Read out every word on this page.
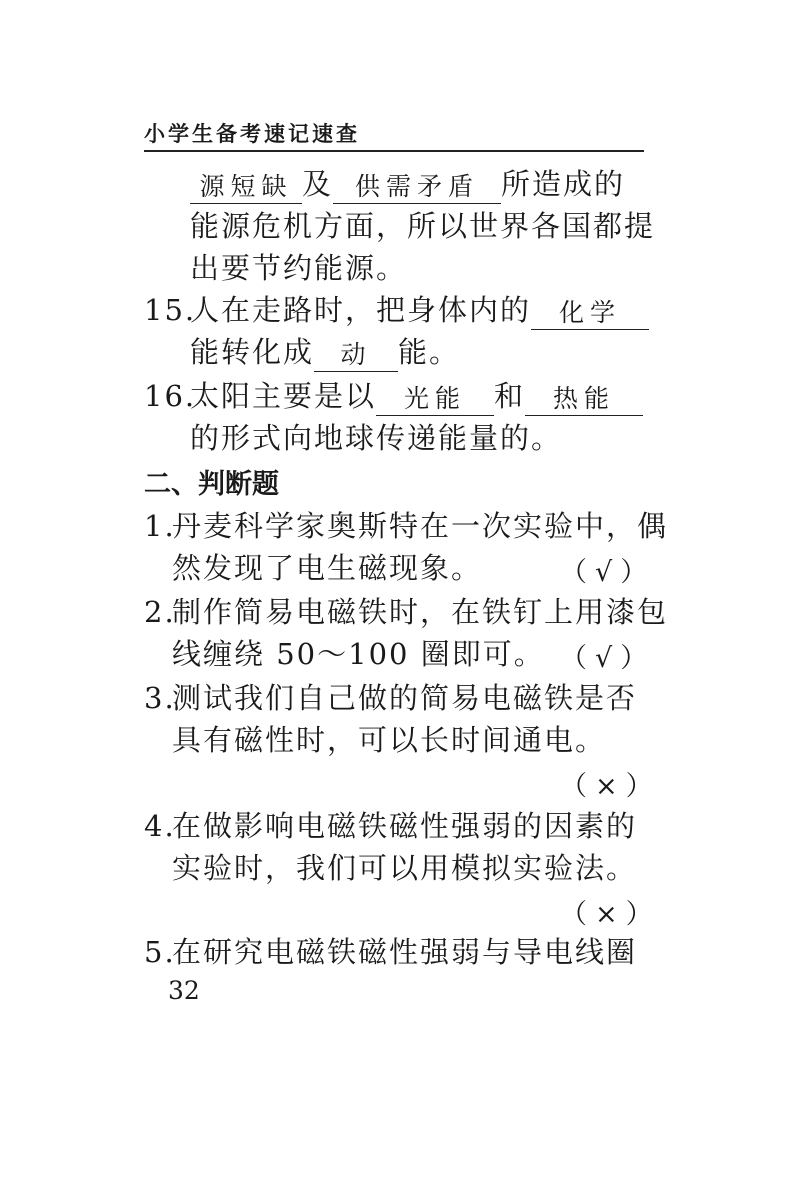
小学生备考速记速查
源短缺 及 供需矛盾 所造成的
能源危机方面，所以世界各国都提
出要节约能源。
15.人在走路时，把身体内的 化学
能转化成 动 能。
16.太阳主要是以 光能 和 热能
的形式向地球传递能量的。
二、判断题
1.丹麦科学家奥斯特在一次实验中，偶
然发现了电生磁现象。	（√）
2.制作简易电磁铁时，在铁钉上用漆包
线缠绕 50～100 圈即可。 （√）
3.测试我们自己做的简易电磁铁是否
具有磁性时，可以长时间通电。
（×）
4.在做影响电磁铁磁性强弱的因素的
实验时，我们可以用模拟实验法。
（×）
5.在研究电磁铁磁性强弱与导电线圈
32
